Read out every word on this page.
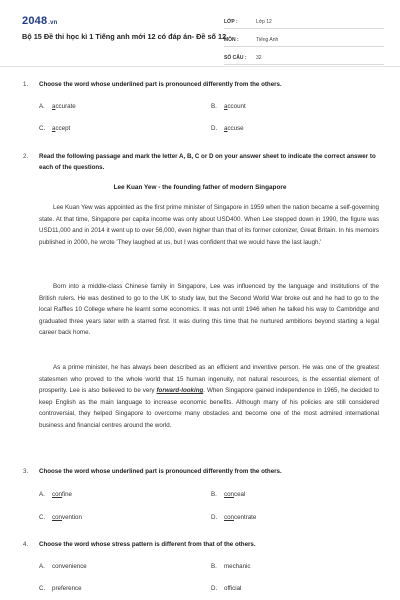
2048.vn
Bộ 15 Đề thi học kì 1 Tiếng anh mới 12 có đáp án- Đề số 12
LỚP :	Lớp 12
MÔN :	Tiếng Anh
SỐ CÂU :	32
1. Choose the word whose underlined part is pronounced differently from the others.
A. accurate	B. account
C. accept	D. accuse
2. Read the following passage and mark the letter A, B, C or D on your answer sheet to indicate the correct answer to each of the questions.
Lee Kuan Yew - the founding father of modern Singapore
Lee Kuan Yew was appointed as the first prime minister of Singapore in 1959 when the nation became a self-governing state. At that time, Singapore per capita income was only about USD400. When Lee stepped down in 1990, the figure was USD11,000 and in 2014 it went up to over 56,000, even higher than that of its former colonizer, Great Britain. In his memoirs published in 2000, he wrote 'They laughed at us, but I was confident that we would have the last laugh.'
Born into a middle-class Chinese family in Singapore, Lee was influenced by the language and institutions of the British rulers. He was destined to go to the UK to study law, but the Second World War broke out and he had to go to the local Raffles 10 College where he learnt some economics. It was not until 1946 when he talked his way to Cambridge and graduated three years later with a starred first. It was during this time that he nurtured ambitions beyond starting a legal career back home.
As a prime minister, he has always been described as an efficient and inventive person. He was one of the greatest statesmen who proved to the whole world that 15 human ingenuity, not natural resources, is the essential element of prosperity. Lee is also believed to be very forward-looking. When Singapore gained independence in 1965, he decided to keep English as the main language to increase economic benefits. Although many of his policies are still considered controversial, they helped Singapore to overcome many obstacles and become one of the most admired international business and financial centres around the world.
3. Choose the word whose underlined part is pronounced differently from the others.
A. confine	B. conceal
C. convention	D. concentrate
4. Choose the word whose stress pattern is different from that of the others.
A. convenience	B. mechanic
C. preference	D. official
